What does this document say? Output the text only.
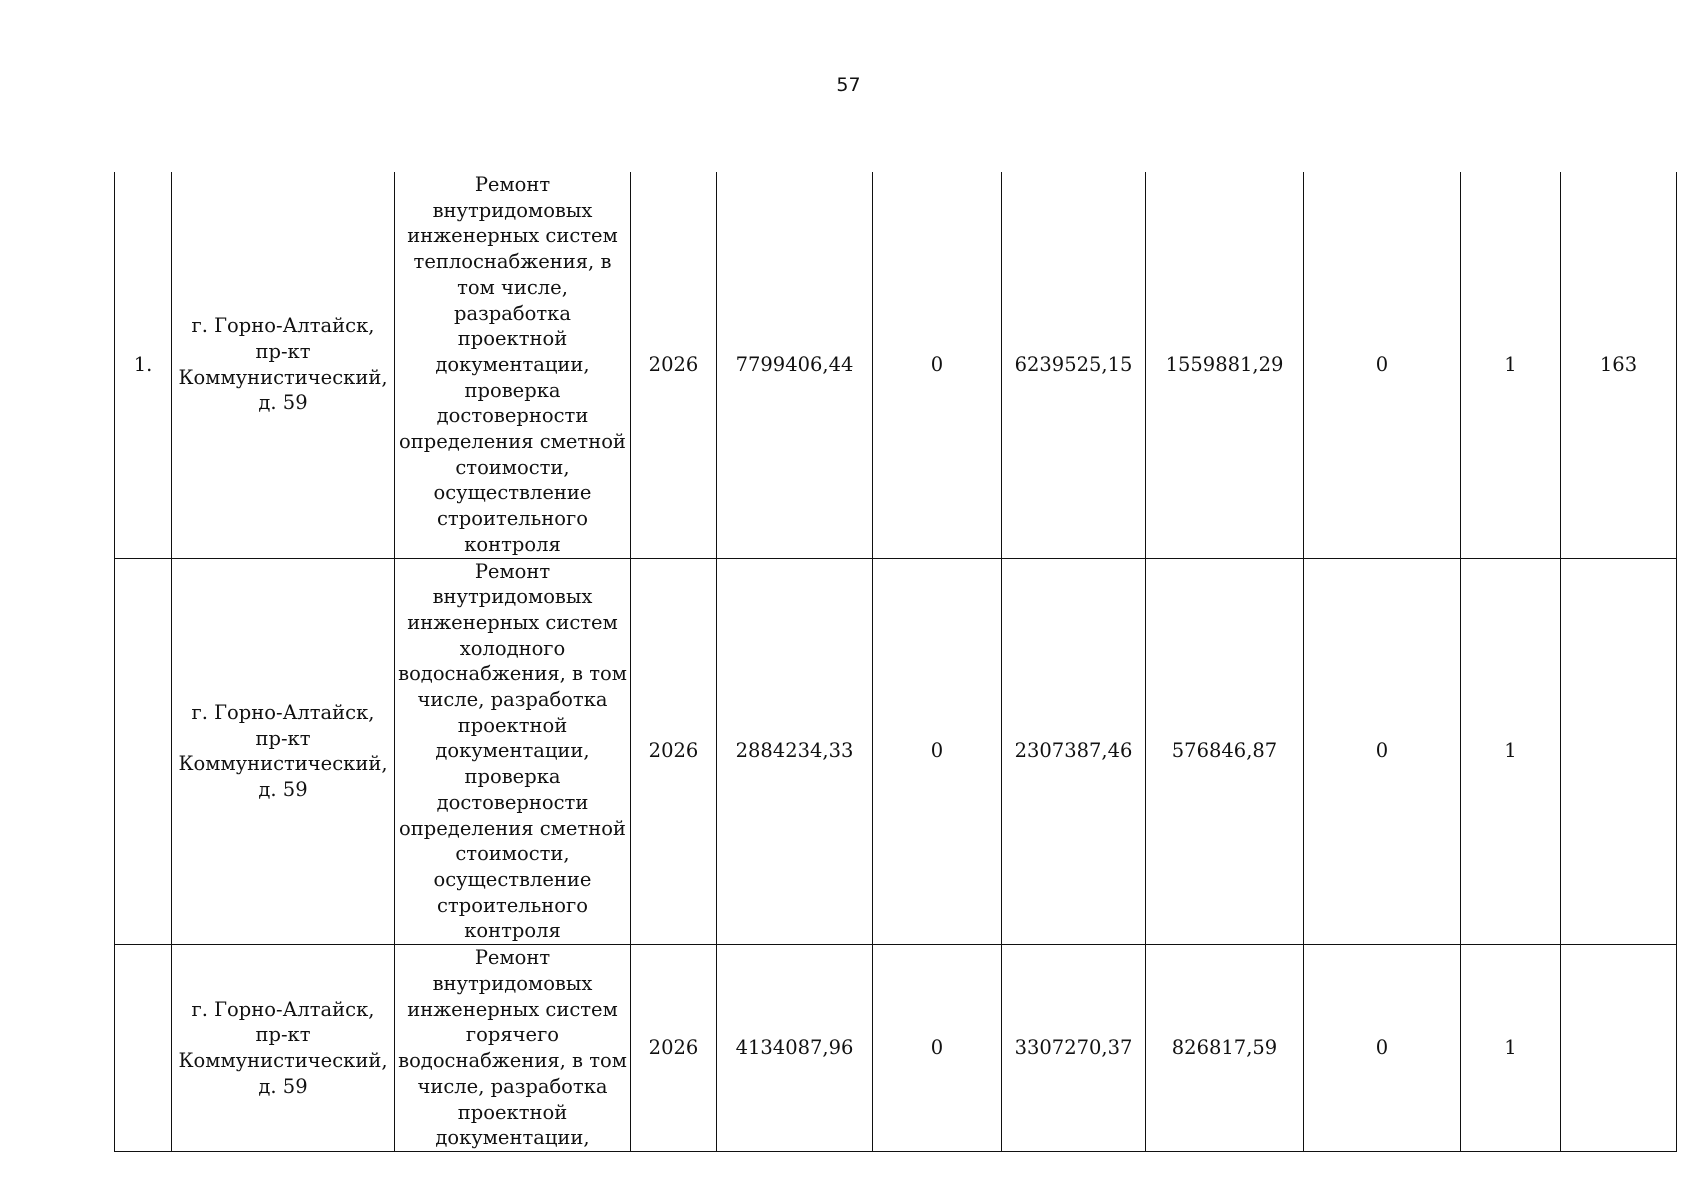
57
1.	г. Горно-Алтайск, пр-кт Коммунистический, д. 59	Ремонт внутридомовых инженерных систем теплоснабжения, в том числе, разработка проектной документации, проверка достоверности определения сметной стоимости, осуществление строительного контроля	2026	7799406,44	0	6239525,15	1559881,29	0	1	163
	г. Горно-Алтайск, пр-кт Коммунистический, д. 59	Ремонт внутридомовых инженерных систем холодного водоснабжения, в том числе, разработка проектной документации, проверка достоверности определения сметной стоимости, осуществление строительного контроля	2026	2884234,33	0	2307387,46	576846,87	0	1	
	г. Горно-Алтайск, пр-кт Коммунистический, д. 59	Ремонт внутридомовых инженерных систем горячего водоснабжения, в том числе, разработка проектной документации,	2026	4134087,96	0	3307270,37	826817,59	0	1	
